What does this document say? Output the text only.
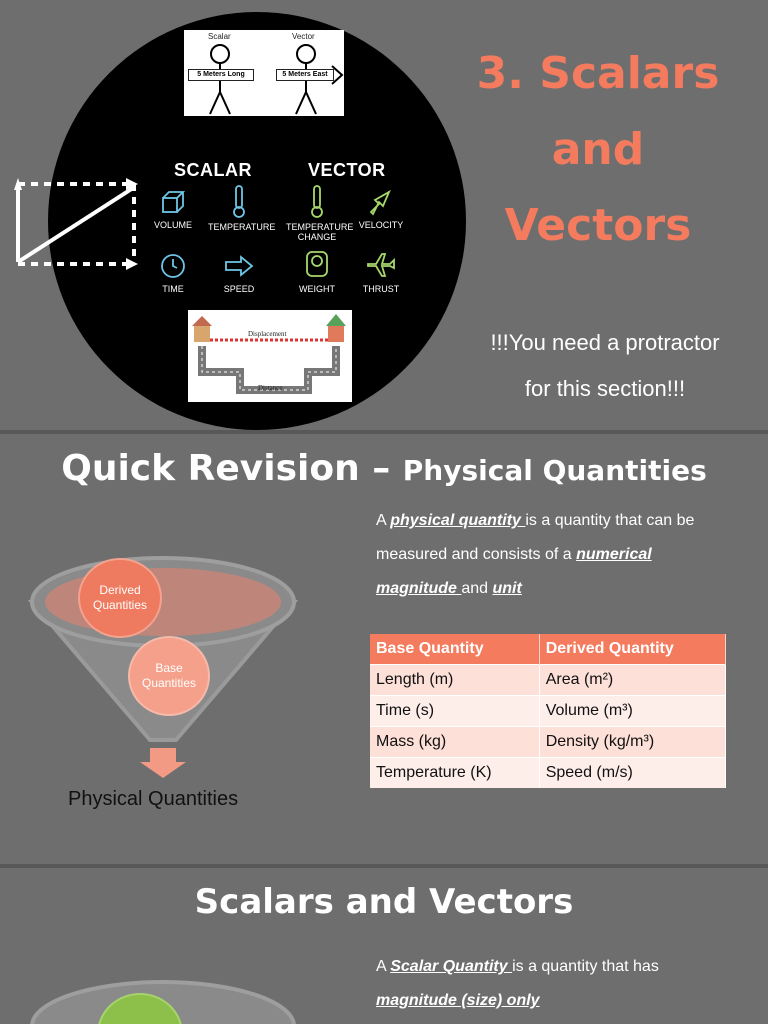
Scalar	Vector
5 Meters Long	5 Meters East
SCALAR	VECTOR
VOLUME	TEMPERATURE TEMPERATURE CHANGE
VELOCITY
TIME	SPEED	WEIGHT	THRUST
Displacement
Distance
3. Scalars
and
Vectors
!!!You need a protractor
for this section!!!
Quick Revision – Physical Quantities
A physical quantity is a quantity that can be measured and consists of a numerical magnitude and unit
Derived Quantities
Base Quantities
Physical Quantities
Base Quantity	Derived Quantity
Length (m)	Area (m²)
Time (s)	Volume (m³)
Mass (kg)	Density (kg/m³)
Temperature (K)	Speed (m/s)
Scalars and Vectors
A Scalar Quantity is a quantity that has
magnitude (size) only
